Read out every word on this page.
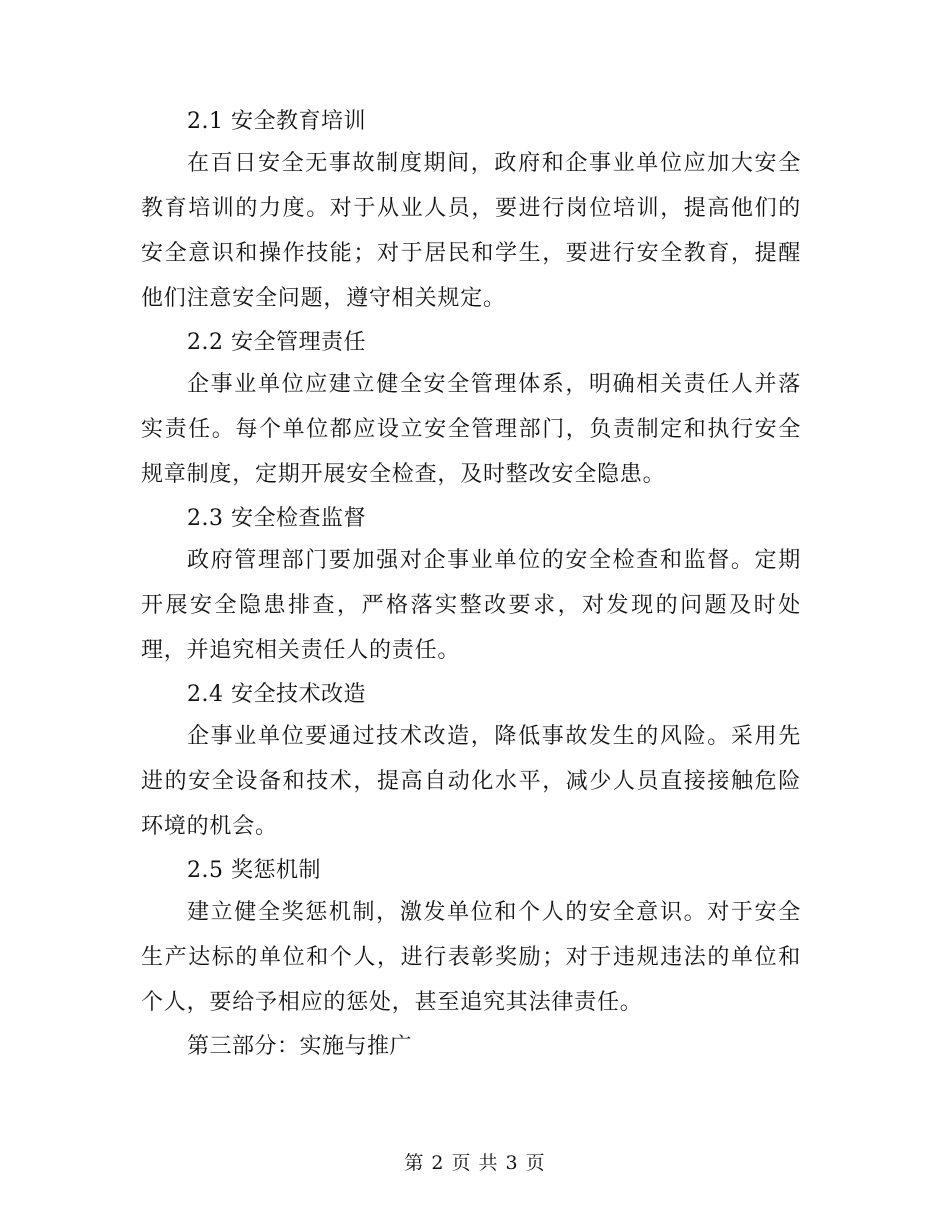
2.1 安全教育培训
在百日安全无事故制度期间，政府和企事业单位应加大安全教育培训的力度。对于从业人员，要进行岗位培训，提高他们的安全意识和操作技能；对于居民和学生，要进行安全教育，提醒他们注意安全问题，遵守相关规定。
2.2 安全管理责任
企事业单位应建立健全安全管理体系，明确相关责任人并落实责任。每个单位都应设立安全管理部门，负责制定和执行安全规章制度，定期开展安全检查，及时整改安全隐患。
2.3 安全检查监督
政府管理部门要加强对企事业单位的安全检查和监督。定期开展安全隐患排查，严格落实整改要求，对发现的问题及时处理，并追究相关责任人的责任。
2.4 安全技术改造
企事业单位要通过技术改造，降低事故发生的风险。采用先进的安全设备和技术，提高自动化水平，减少人员直接接触危险环境的机会。
2.5 奖惩机制
建立健全奖惩机制，激发单位和个人的安全意识。对于安全生产达标的单位和个人，进行表彰奖励；对于违规违法的单位和个人，要给予相应的惩处，甚至追究其法律责任。
第三部分：实施与推广
第 2 页 共 3 页
